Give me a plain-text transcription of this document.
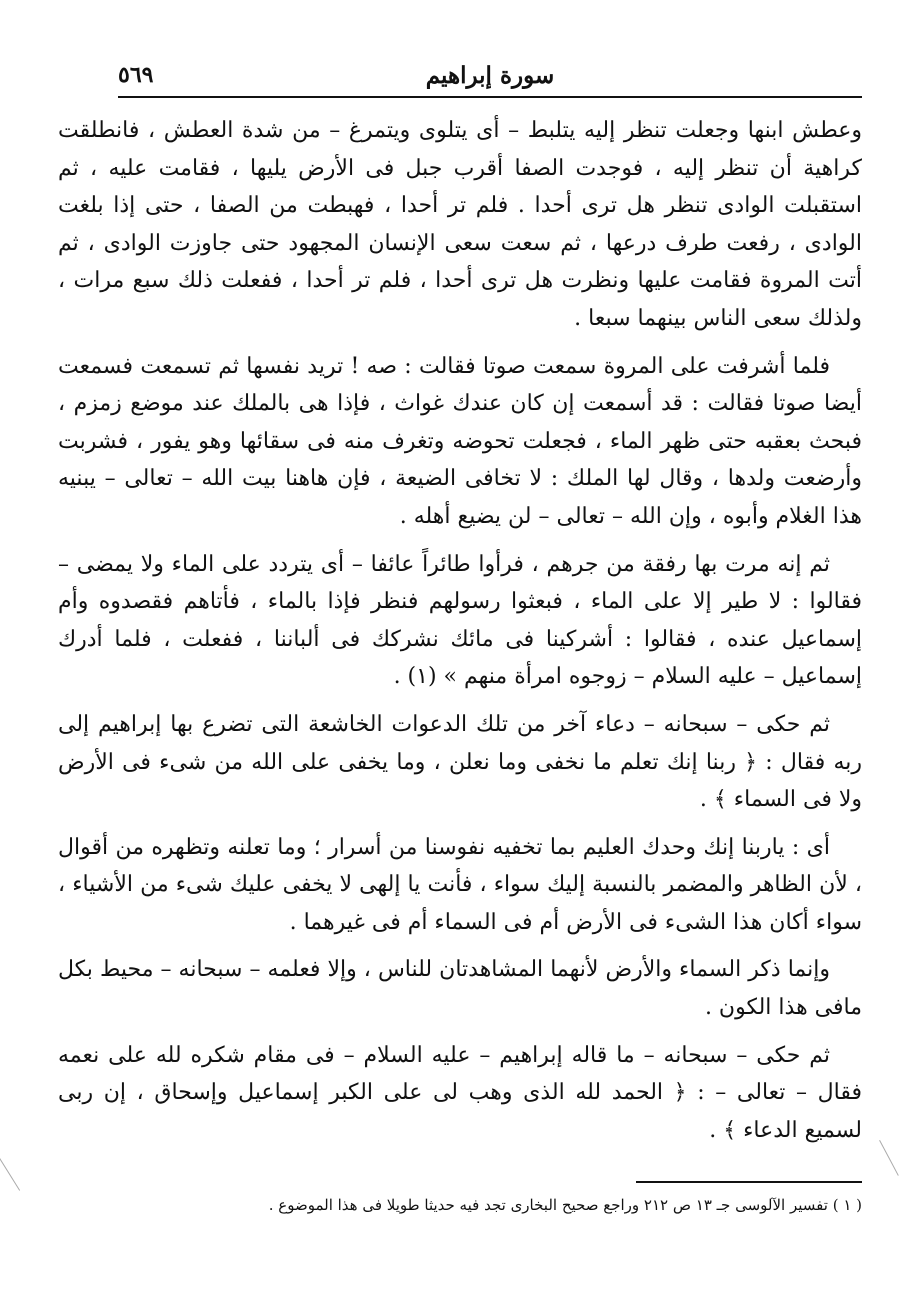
سورة إبراهيم
٥٦٩

وعطش ابنها وجعلت تنظر إليه يتلبط – أى يتلوى ويتمرغ – من شدة العطش ، فانطلقت كراهية أن تنظر إليه ، فوجدت الصفا أقرب جبل فى الأرض يليها ، فقامت عليه ، ثم استقبلت الوادى تنظر هل ترى أحدا . فلم تر أحدا ، فهبطت من الصفا ، حتى إذا بلغت الوادى ، رفعت طرف درعها ، ثم سعت سعى الإنسان المجهود حتى جاوزت الوادى ، ثم أتت المروة فقامت عليها ونظرت هل ترى أحدا ، فلم تر أحدا ، ففعلت ذلك سبع مرات ، ولذلك سعى الناس بينهما سبعا .

فلما أشرفت على المروة سمعت صوتا فقالت : صه ! تريد نفسها ثم تسمعت فسمعت أيضا صوتا فقالت : قد أسمعت إن كان عندك غواث ، فإذا هى بالملك عند موضع زمزم ، فبحث بعقبه حتى ظهر الماء ، فجعلت تحوضه وتغرف منه فى سقائها وهو يفور ، فشربت وأرضعت ولدها ، وقال لها الملك : لا تخافى الضيعة ، فإن هاهنا بيت الله – تعالى – يبنيه هذا الغلام وأبوه ، وإن الله – تعالى – لن يضيع أهله .

ثم إنه مرت بها رفقة من جرهم ، فرأوا طائراً عائفا – أى يتردد على الماء ولا يمضى – فقالوا : لا طير إلا على الماء ، فبعثوا رسولهم فنظر فإذا بالماء ، فأتاهم فقصدوه وأم إسماعيل عنده ، فقالوا : أشركينا فى مائك نشركك فى ألباننا ، ففعلت ، فلما أدرك إسماعيل – عليه السلام – زوجوه امرأة منهم » (١) .

ثم حكى – سبحانه – دعاء آخر من تلك الدعوات الخاشعة التى تضرع بها إبراهيم إلى ربه فقال : ﴿ ربنا إنك تعلم ما نخفى وما نعلن ، وما يخفى على الله من شىء فى الأرض ولا فى السماء ﴾ .

أى : ياربنا إنك وحدك العليم بما تخفيه نفوسنا من أسرار ؛ وما تعلنه وتظهره من أقوال ، لأن الظاهر والمضمر بالنسبة إليك سواء ، فأنت يا إلهى لا يخفى عليك شىء من الأشياء ، سواء أكان هذا الشىء فى الأرض أم فى السماء أم فى غيرهما .

وإنما ذكر السماء والأرض لأنهما المشاهدتان للناس ، وإلا فعلمه – سبحانه – محيط بكل مافى هذا الكون .

ثم حكى – سبحانه – ما قاله إبراهيم – عليه السلام – فى مقام شكره لله على نعمه فقال – تعالى – : ﴿ الحمد لله الذى وهب لى على الكبر إسماعيل وإسحاق ، إن ربى لسميع الدعاء ﴾ .

( ١ ) تفسير الآلوسى جـ ١٣ ص ٢١٢ وراجع صحيح البخارى تجد فيه حديثا طويلا فى هذا الموضوع .
